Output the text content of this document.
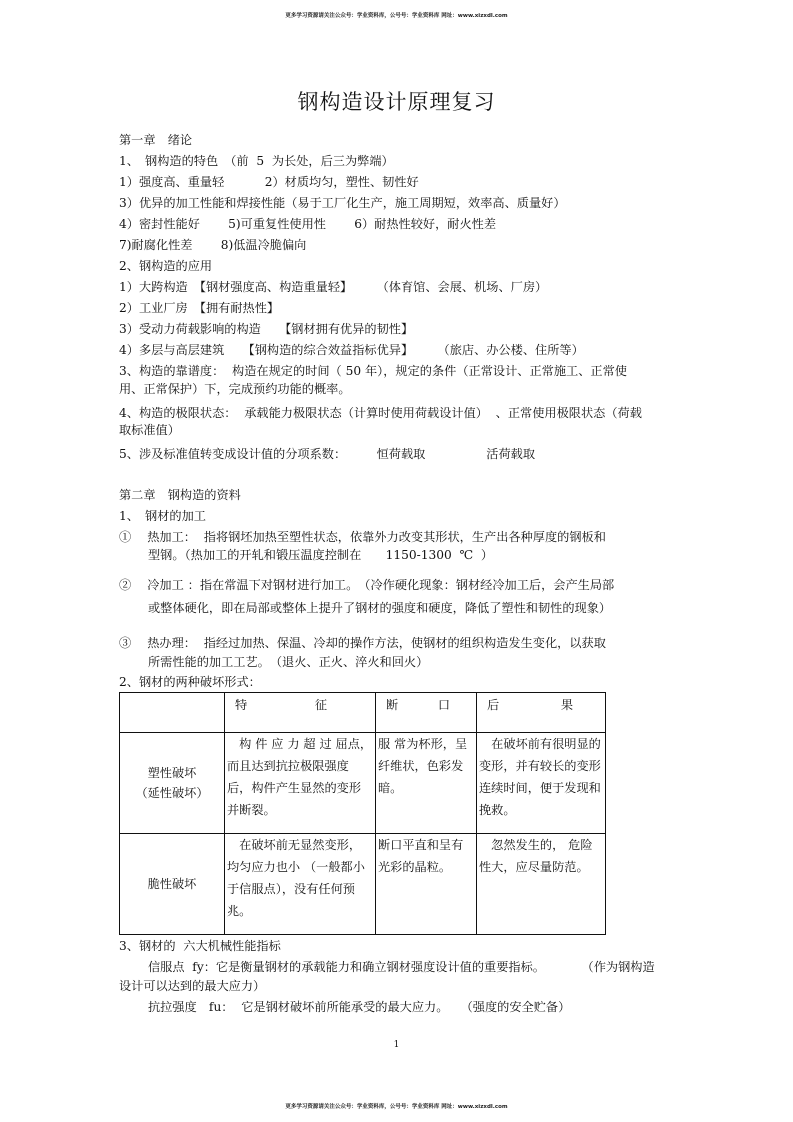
更多学习资源请关注公众号：学业资料库，公号号：学业资料库 网址：www.xizxdl.com
钢构造设计原理复习
第一章　绪论
1、　钢构造的特色　（前  5  为长处，后三为弊端）
1）强度高、重量轻　　　 2）材质均匀，塑性、韧性好
3）优异的加工性能和焊接性能（易于工厂化生产，施工周期短，效率高、质量好）
4）密封性能好　　 5)可重复性使用性　　 6）耐热性较好，耐火性差
7)耐腐化性差　　 8)低温冷脆偏向
2、钢构造的应用
1）大跨构造　【钢材强度高、构造重量轻】　　　（体育馆、会展、机场、厂房）
2）工业厂房　【拥有耐热性】
3）受动力荷载影响的构造　　【钢材拥有优异的韧性】
4）多层与高层建筑　　【钢构造的综合效益指标优异】　　　（旅店、办公楼、住所等）
3、构造的靠谱度：  构造在规定的时间（ 50 年），规定的条件（正常设计、正常施工、正常使
用、正常保护）下，完成预约功能的概率。
4、构造的极限状态：  承载能力极限状态（计算时使用荷载设计值）  、正常使用极限状态（荷载
取标准值）
5、涉及标准值转变成设计值的分项系数：　　　恒荷载取　　　　　活荷载取
第二章　钢构造的资料
1、　钢材的加工
①　 热加工：  指将钢坯加热至塑性状态，依靠外力改变其形状，生产出各种厚度的钢板和
型钢。（热加工的开轧和锻压温度控制在　　1150-1300  ℃  ）
②　 冷加工 ：指在常温下对钢材进行加工。　（冷作硬化现象：钢材经冷加工后，会产生局部
或整体硬化，即在局部或整体上提升了钢材的强度和硬度，降低了塑性和韧性的现象）
③　 热办理：  指经过加热、保温、冷却的操作方法，使钢材的组织构造发生变化，以获取
所需性能的加工工艺。　（退火、正火、淬火和回火）
2、钢材的两种破坏形式：

	特 征	断 口	后 果

塑性破坏
（延性破坏）	　构 件 应 力 超 过 屈点，而且达到抗拉极限强度后，构件产生显然的变形并断裂。	服 常为杯形，呈纤维状，色彩发暗。	　在破坏前有很明显的变形，并有较长的变形连续时间，便于发现和挽救。

脆性破坏	　在破坏前无显然变形，均匀应力也小 （一般都小于信服点），没有任何预兆。	断口平直和呈有光彩的晶粒。	　忽然发生的， 危险性大，应尽量防范。
3、钢材的  六大机械性能指标
信服点  fy：它是衡量钢材的承载能力和确立钢材强度设计值的重要指标。　　　　（作为钢构造
设计可以达到的最大应力）
抗拉强度　fu：  它是钢材破坏前所能承受的最大应力。　　（强度的安全贮备）
1
更多学习资源请关注公众号：学业资料库，公号号：学业资料库 网址：www.xizxdl.com
